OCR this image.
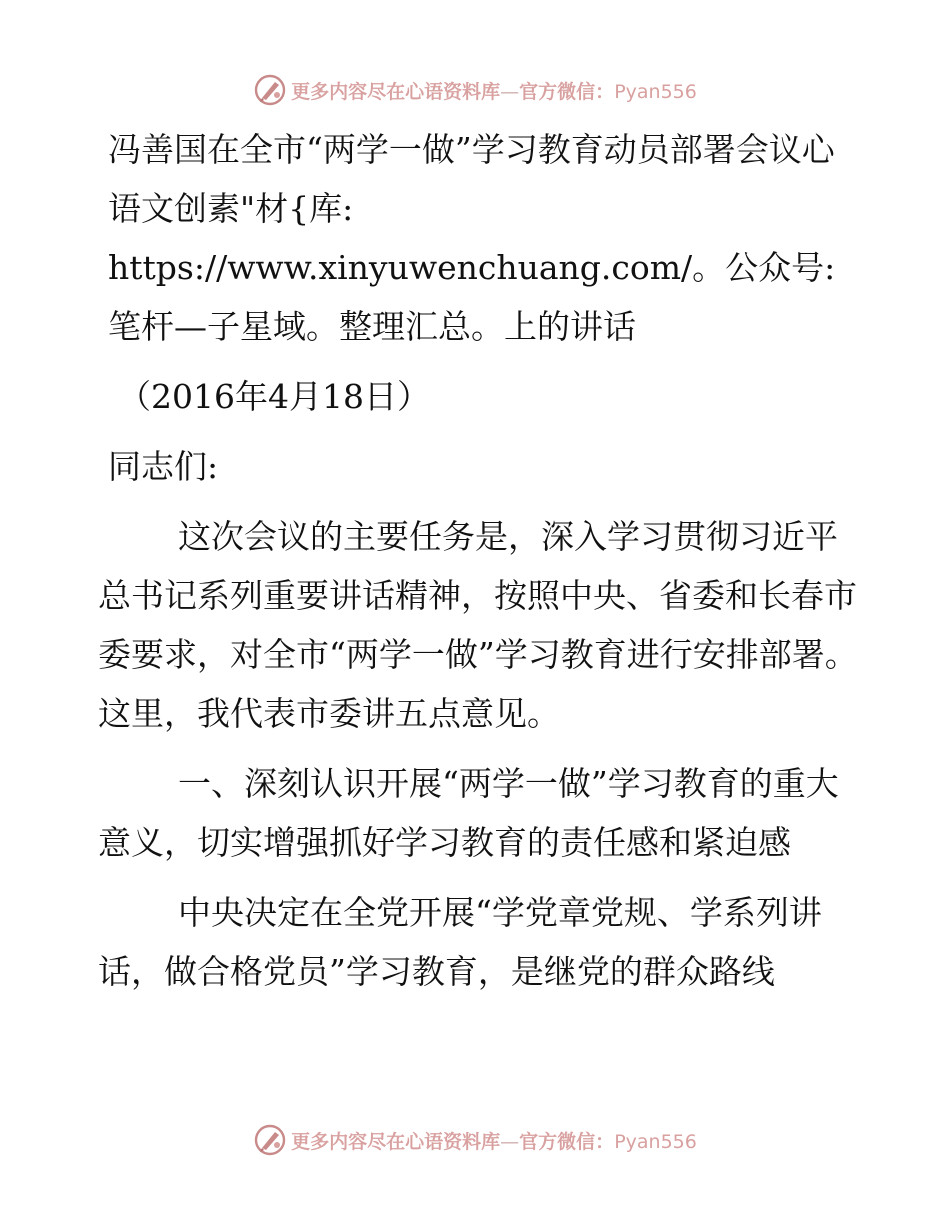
更多内容尽在心语资料库—官方微信：Pyan556

冯善国在全市“两学一做”学习教育动员部署会议心语文创素"材{库: https://www.xinyuwenchuang.com/。公众号: 笔杆—子星域。整理汇总。上的讲话

（2016年4月18日）

同志们:

这次会议的主要任务是，深入学习贯彻习近平总书记系列重要讲话精神，按照中央、省委和长春市委要求，对全市“两学一做”学习教育进行安排部署。这里，我代表市委讲五点意见。

一、深刻认识开展“两学一做”学习教育的重大意义，切实增强抓好学习教育的责任感和紧迫感

中央决定在全党开展“学党章党规、学系列讲话，做合格党员”学习教育，是继党的群众路线

更多内容尽在心语资料库—官方微信：Pyan556
